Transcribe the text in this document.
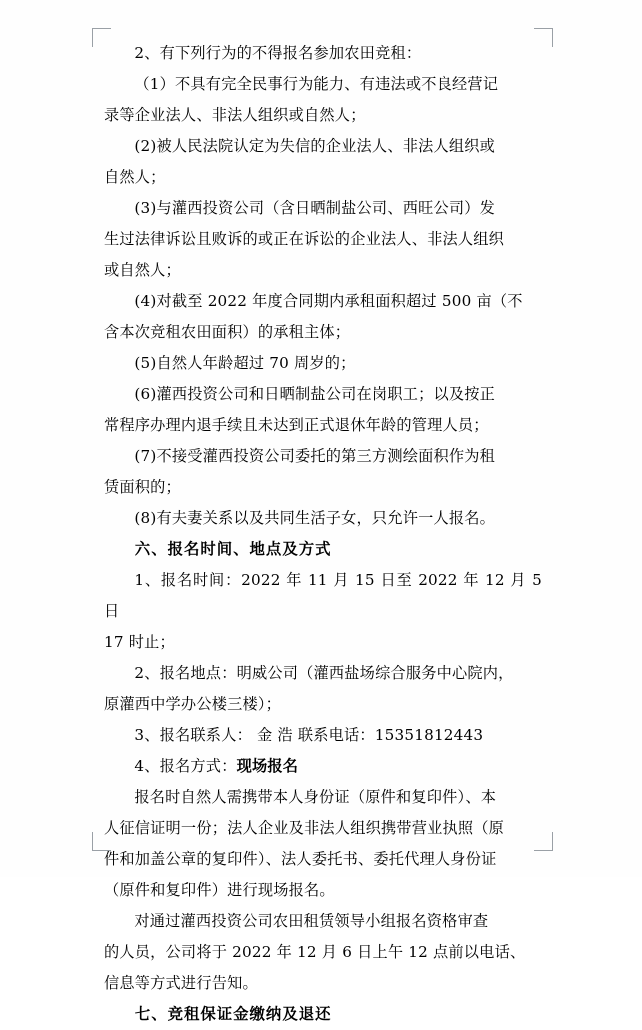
2、有下列行为的不得报名参加农田竞租：

（1）不具有完全民事行为能力、有违法或不良经营记

录等企业法人、非法人组织或自然人；

(2)被人民法院认定为失信的企业法人、非法人组织或

自然人；

(3)与灌西投资公司（含日晒制盐公司、西旺公司）发

生过法律诉讼且败诉的或正在诉讼的企业法人、非法人组织

或自然人；

(4)对截至 2022 年度合同期内承租面积超过 500 亩（不

含本次竞租农田面积）的承租主体；

(5)自然人年龄超过 70 周岁的；

(6)灌西投资公司和日晒制盐公司在岗职工；以及按正

常程序办理内退手续且未达到正式退休年龄的管理人员；

(7)不接受灌西投资公司委托的第三方测绘面积作为租

赁面积的；

(8)有夫妻关系以及共同生活子女，只允许一人报名。

六、报名时间、地点及方式

1、报名时间：2022 年 11 月 15 日至 2022 年 12 月 5 日

17 时止；

2、报名地点：明威公司（灌西盐场综合服务中心院内，

原灌西中学办公楼三楼）；

3、报名联系人： 金 浩 联系电话：15351812443

4、报名方式：现场报名

报名时自然人需携带本人身份证（原件和复印件）、本

人征信证明一份；法人企业及非法人组织携带营业执照（原

件和加盖公章的复印件）、法人委托书、委托代理人身份证

（原件和复印件）进行现场报名。

对通过灌西投资公司农田租赁领导小组报名资格审查

的人员，公司将于 2022 年 12 月 6 日上午 12 点前以电话、

信息等方式进行告知。

七、竞租保证金缴纳及退还
